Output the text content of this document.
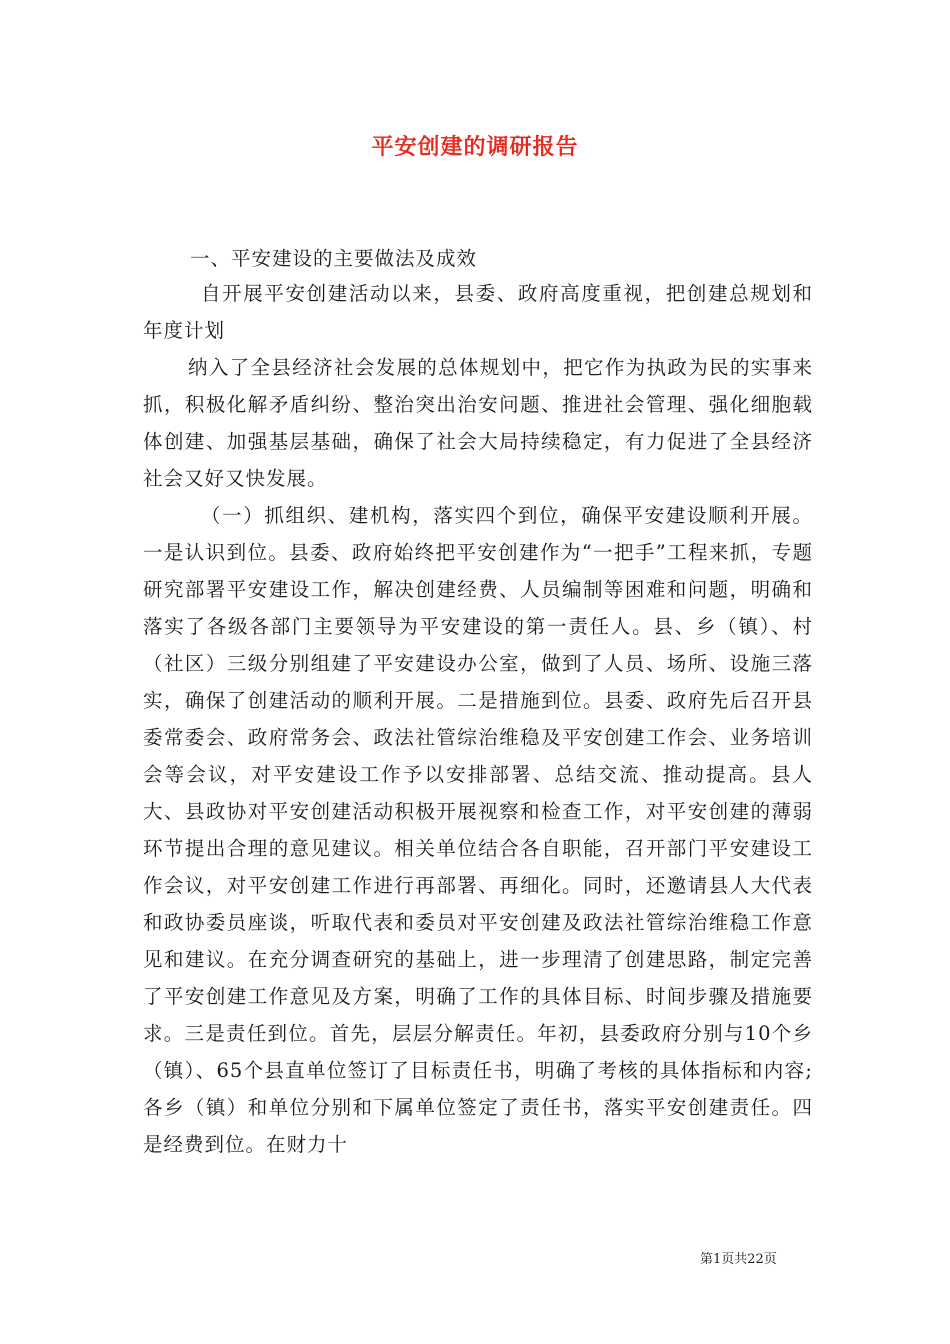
平安创建的调研报告
一、平安建设的主要做法及成效
自开展平安创建活动以来，县委、政府高度重视，把创建总规划和年度计划
纳入了全县经济社会发展的总体规划中，把它作为执政为民的实事来抓，积极化解矛盾纠纷、整治突出治安问题、推进社会管理、强化细胞载体创建、加强基层基础，确保了社会大局持续稳定，有力促进了全县经济社会又好又快发展。
（一）抓组织、建机构，落实四个到位，确保平安建设顺利开展。一是认识到位。县委、政府始终把平安创建作为“一把手”工程来抓，专题研究部署平安建设工作，解决创建经费、人员编制等困难和问题，明确和落实了各级各部门主要领导为平安建设的第一责任人。县、乡（镇）、村（社区）三级分别组建了平安建设办公室，做到了人员、场所、设施三落实，确保了创建活动的顺利开展。二是措施到位。县委、政府先后召开县委常委会、政府常务会、政法社管综治维稳及平安创建工作会、业务培训会等会议，对平安建设工作予以安排部署、总结交流、推动提高。县人大、县政协对平安创建活动积极开展视察和检查工作，对平安创建的薄弱环节提出合理的意见建议。相关单位结合各自职能，召开部门平安建设工作会议，对平安创建工作进行再部署、再细化。同时，还邀请县人大代表和政协委员座谈，听取代表和委员对平安创建及政法社管综治维稳工作意见和建议。在充分调查研究的基础上，进一步理清了创建思路，制定完善了平安创建工作意见及方案，明确了工作的具体目标、时间步骤及措施要求。三是责任到位。首先，层层分解责任。年初，县委政府分别与10个乡（镇）、65个县直单位签订了目标责任书，明确了考核的具体指标和内容;各乡（镇）和单位分别和下属单位签定了责任书，落实平安创建责任。四是经费到位。在财力十
第1页共22页
